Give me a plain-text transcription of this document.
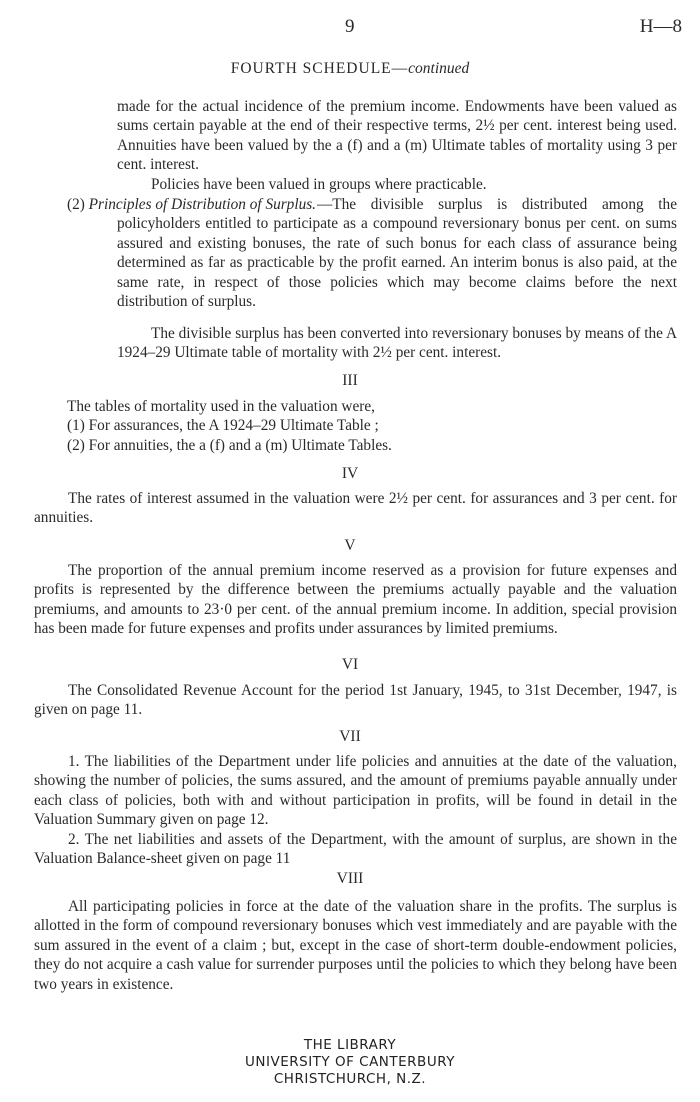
9	H—8
FOURTH SCHEDULE—continued

made for the actual incidence of the premium income. Endowments have been valued as sums certain payable at the end of their respective terms, 2½ per cent. interest being used. Annuities have been valued by the a (f) and a (m) Ultimate tables of mortality using 3 per cent. interest.

Policies have been valued in groups where practicable.

(2) Principles of Distribution of Surplus. —The divisible surplus is distributed among the policyholders entitled to participate as a compound reversionary bonus per cent. on sums assured and existing bonuses, the rate of such bonus for each class of assurance being determined as far as practicable by the profit earned. An interim bonus is also paid, at the same rate, in respect of those policies which may become claims before the next distribution of surplus.
The divisible surplus has been converted into reversionary bonuses by means of the A 1924–29 Ultimate table of mortality with 2½ per cent. interest.
III

The tables of mortality used in the valuation were,

(1) For assurances, the A 1924–29 Ultimate Table ;

(2) For annuities, the a (f) and a (m) Ultimate Tables.

IV
The rates of interest assumed in the valuation were 2½ per cent. for assurances and 3 per cent. for annuities.
V
The proportion of the annual premium income reserved as a provision for future expenses and profits is represented by the difference between the premiums actually payable and the valuation premiums, and amounts to 23·0 per cent. of the annual premium income. In addition, special provision has been made for future expenses and profits under assurances by limited premiums.
VI
The Consolidated Revenue Account for the period 1st January, 1945, to 31st December, 1947, is given on page 11.
VII

1. The liabilities of the Department under life policies and annuities at the date of the valuation, showing the number of policies, the sums assured, and the amount of premiums payable annually under each class of policies, both with and without participation in profits, will be found in detail in the Valuation Summary given on page 12.

2. The net liabilities and assets of the Department, with the amount of surplus, are shown in the Valuation Balance-sheet given on page 11

VIII
All participating policies in force at the date of the valuation share in the profits. The surplus is allotted in the form of compound reversionary bonuses which vest immediately and are payable with the sum assured in the event of a claim ; but, except in the case of short-term double-endowment policies, they do not acquire a cash value for surrender purposes until the policies to which they belong have been two years in existence.
THE LIBRARY
UNIVERSITY OF CANTERBURY
CHRISTCHURCH, N.Z.
